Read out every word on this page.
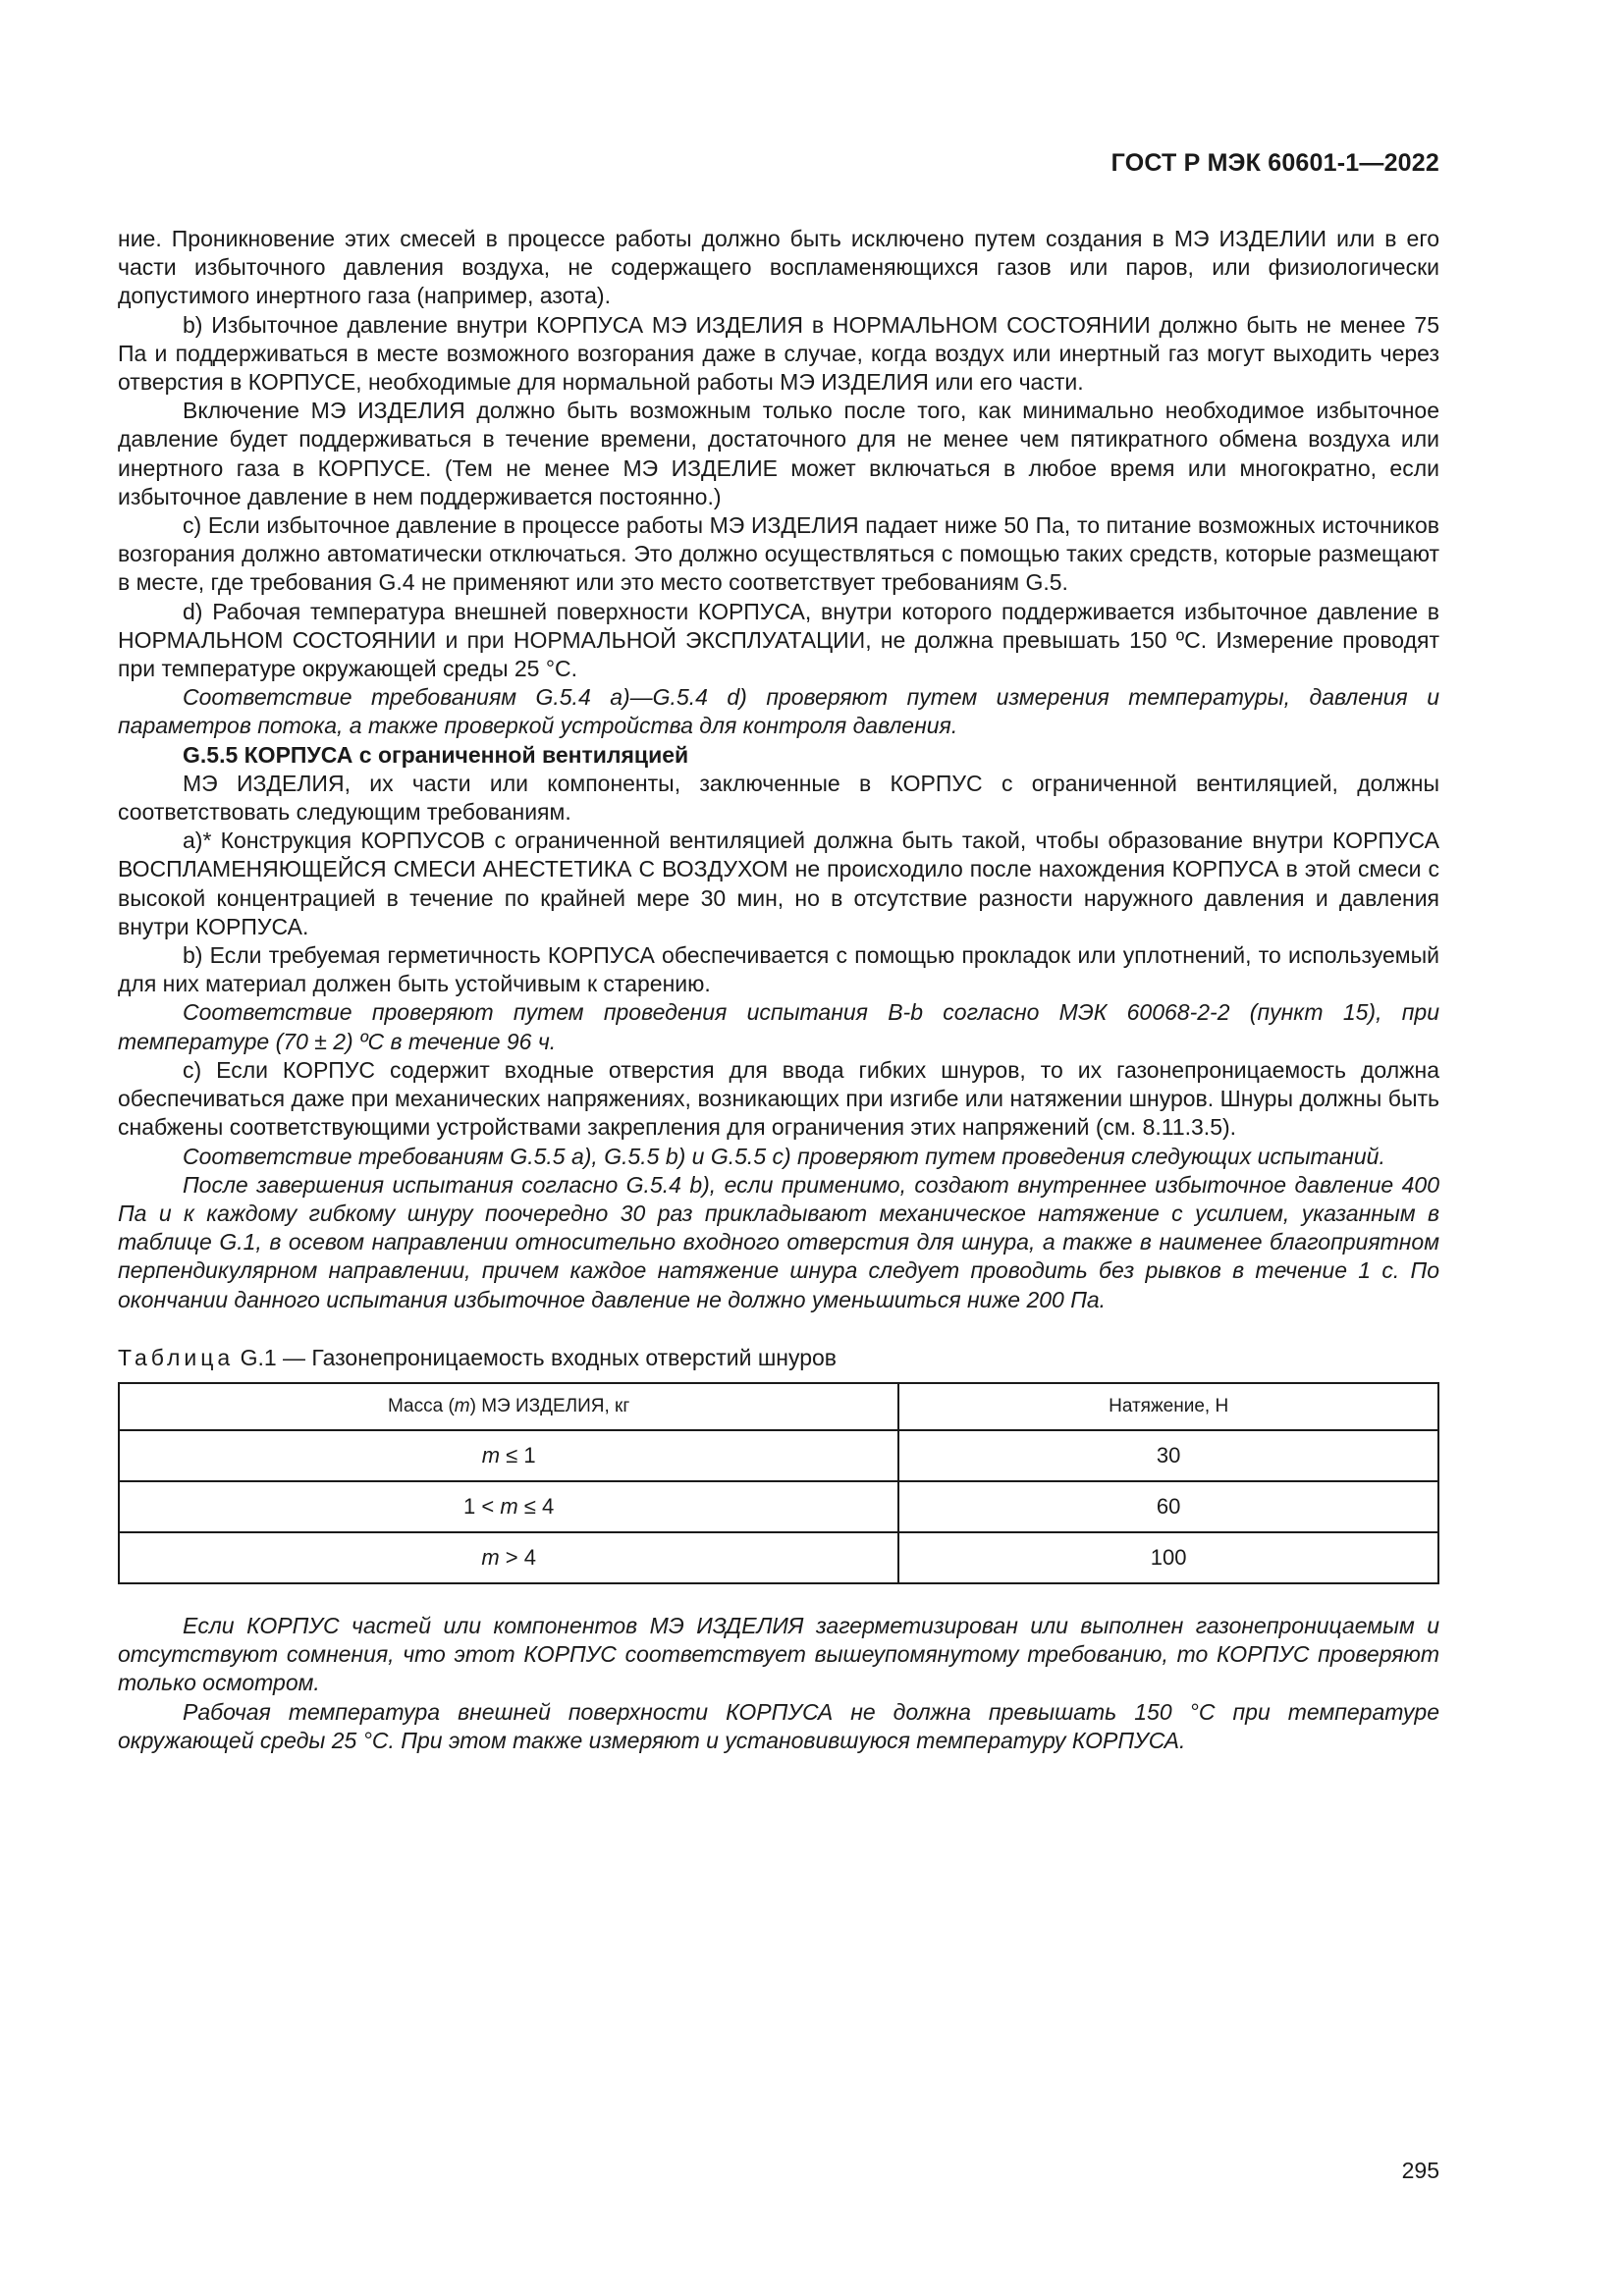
ГОСТ Р МЭК 60601-1—2022

ние. Проникновение этих смесей в процессе работы должно быть исключено путем создания в МЭ ИЗДЕЛИИ или в его части избыточного давления воздуха, не содержащего воспламеняющихся газов или паров, или физиологически допустимого инертного газа (например, азота).

b) Избыточное давление внутри КОРПУСА МЭ ИЗДЕЛИЯ в НОРМАЛЬНОМ СОСТОЯНИИ должно быть не менее 75 Па и поддерживаться в месте возможного возгорания даже в случае, когда воздух или инертный газ могут выходить через отверстия в КОРПУСЕ, необходимые для нормальной работы МЭ ИЗДЕЛИЯ или его части.

Включение МЭ ИЗДЕЛИЯ должно быть возможным только после того, как минимально необходимое избыточное давление будет поддерживаться в течение времени, достаточного для не менее чем пятикратного обмена воздуха или инертного газа в КОРПУСЕ. (Тем не менее МЭ ИЗДЕЛИЕ может включаться в любое время или многократно, если избыточное давление в нем поддерживается постоянно.)

c) Если избыточное давление в процессе работы МЭ ИЗДЕЛИЯ падает ниже 50 Па, то питание возможных источников возгорания должно автоматически отключаться. Это должно осуществляться с помощью таких средств, которые размещают в месте, где требования G.4 не применяют или это место соответствует требованиям G.5.

d) Рабочая температура внешней поверхности КОРПУСА, внутри которого поддерживается избыточное давление в НОРМАЛЬНОМ СОСТОЯНИИ и при НОРМАЛЬНОЙ ЭКСПЛУАТАЦИИ, не должна превышать 150 ºС. Измерение проводят при температуре окружающей среды 25 °С.

Соответствие требованиям G.5.4 а)—G.5.4 d) проверяют путем измерения температуры, давления и параметров потока, а также проверкой устройства для контроля давления.

G.5.5 КОРПУСА с ограниченной вентиляцией

МЭ ИЗДЕЛИЯ, их части или компоненты, заключенные в КОРПУС с ограниченной вентиляцией, должны соответствовать следующим требованиям.

а)* Конструкция КОРПУСОВ с ограниченной вентиляцией должна быть такой, чтобы образование внутри КОРПУСА ВОСПЛАМЕНЯЮЩЕЙСЯ СМЕСИ АНЕСТЕТИКА С ВОЗДУХОМ не происходило после нахождения КОРПУСА в этой смеси с высокой концентрацией в течение по крайней мере 30 мин, но в отсутствие разности наружного давления и давления внутри КОРПУСА.

b) Если требуемая герметичность КОРПУСА обеспечивается с помощью прокладок или уплотнений, то используемый для них материал должен быть устойчивым к старению.

Соответствие проверяют путем проведения испытания В-b согласно МЭК 60068-2-2 (пункт 15), при температуре (70 ± 2) ºС в течение 96 ч.

c) Если КОРПУС содержит входные отверстия для ввода гибких шнуров, то их газонепроницаемость должна обеспечиваться даже при механических напряжениях, возникающих при изгибе или натяжении шнуров. Шнуры должны быть снабжены соответствующими устройствами закрепления для ограничения этих напряжений (см. 8.11.3.5).

Соответствие требованиям G.5.5 а), G.5.5 b) и G.5.5 c) проверяют путем проведения следующих испытаний.

После завершения испытания согласно G.5.4 b), если применимо, создают внутреннее избыточное давление 400 Па и к каждому гибкому шнуру поочередно 30 раз прикладывают механическое натяжение с усилием, указанным в таблице G.1, в осевом направлении относительно входного отверстия для шнура, а также в наименее благоприятном перпендикулярном направлении, причем каждое натяжение шнура следует проводить без рывков в течение 1 с. По окончании данного испытания избыточное давление не должно уменьшиться ниже 200 Па.

Таблица G.1 — Газонепроницаемость входных отверстий шнуров
Масса (m) МЭ ИЗДЕЛИЯ, кг	Натяжение, Н
m ≤ 1	30
1 < m ≤ 4	60
m > 4	100

Если КОРПУС частей или компонентов МЭ ИЗДЕЛИЯ загерметизирован или выполнен газонепроницаемым и отсутствуют сомнения, что этот КОРПУС соответствует вышеупомянутому требованию, то КОРПУС проверяют только осмотром.

Рабочая температура внешней поверхности КОРПУСА не должна превышать 150 °С при температуре окружающей среды 25 °С. При этом также измеряют и установившуюся температуру КОРПУСА.

295
